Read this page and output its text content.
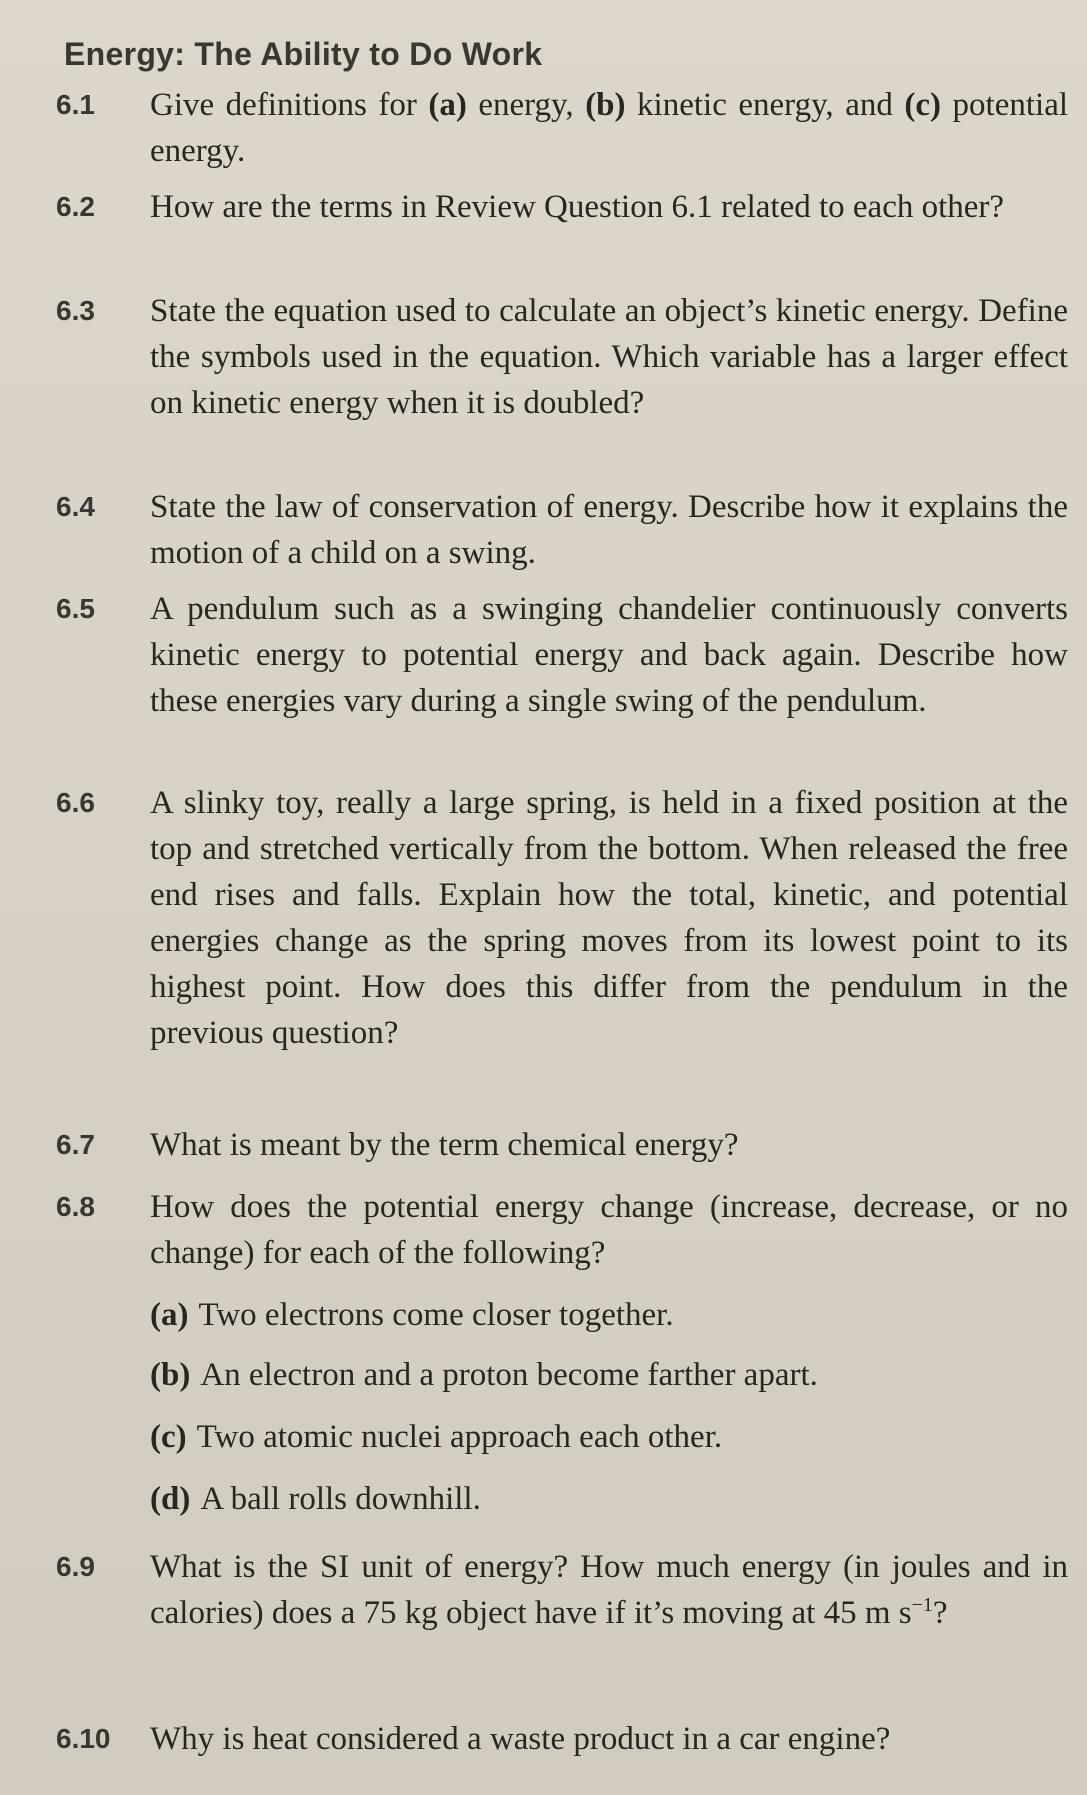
Energy: The Ability to Do Work
6.1 Give definitions for (a) energy, (b) kinetic energy, and (c) potential energy.
6.2 How are the terms in Review Question 6.1 related to each other?
6.3 State the equation used to calculate an object’s kinetic energy. Define the symbols used in the equation. Which variable has a larger effect on kinetic energy when it is doubled?
6.4 State the law of conservation of energy. Describe how it explains the motion of a child on a swing.
6.5 A pendulum such as a swinging chandelier continuously converts kinetic energy to potential energy and back again. Describe how these energies vary during a single swing of the pendulum.
6.6 A slinky toy, really a large spring, is held in a fixed position at the top and stretched vertically from the bottom. When released the free end rises and falls. Explain how the total, kinetic, and potential energies change as the spring moves from its lowest point to its highest point. How does this differ from the pendulum in the previous question?
6.7 What is meant by the term chemical energy?
6.8 How does the potential energy change (increase, decrease, or no change) for each of the following?
(a) Two electrons come closer together.
(b) An electron and a proton become farther apart.
(c) Two atomic nuclei approach each other.
(d) A ball rolls downhill.
6.9 What is the SI unit of energy? How much energy (in joules and in calories) does a 75 kg object have if it’s moving at 45 m $s^{-1}$?
6.10 Why is heat considered a waste product in a car engine?
